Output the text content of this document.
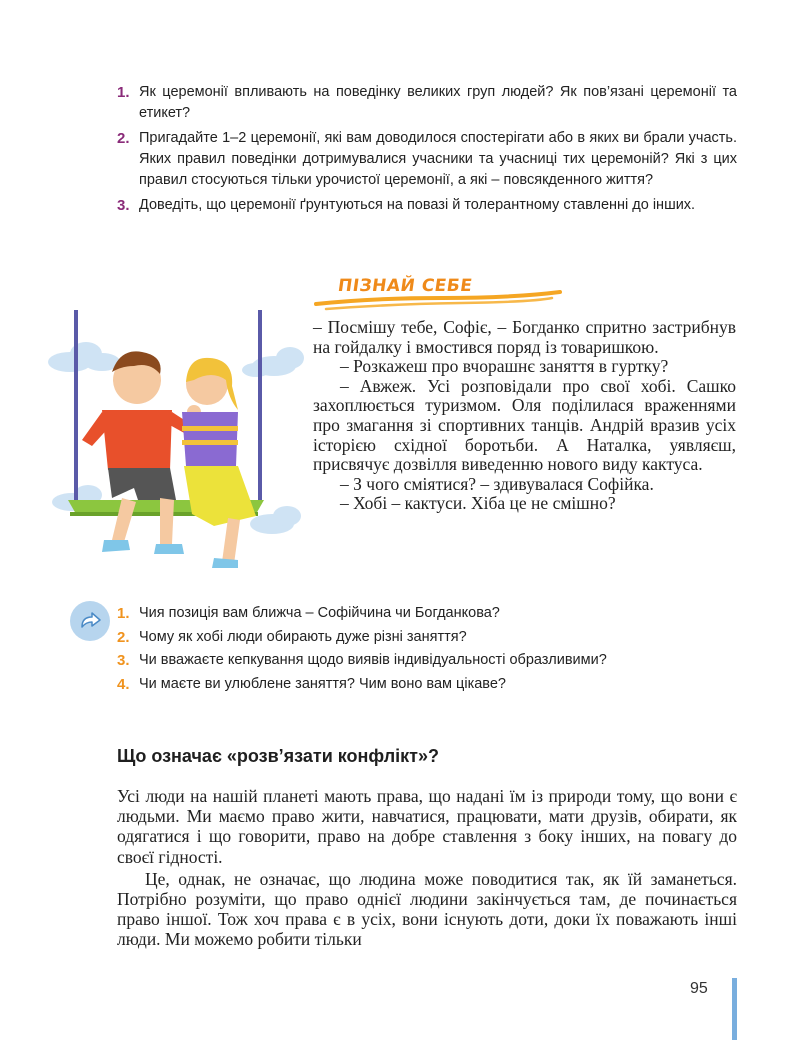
1. Як церемонії впливають на поведінку великих груп людей? Як пов’язані церемонії та етикет?
2. Пригадайте 1–2 церемонії, які вам доводилося спостерігати або в яких ви брали участь. Яких правил поведінки дотримувалися учасники та учасниці тих церемоній? Які з цих правил стосуються тільки урочистої церемонії, а які – повсякденного життя?
3. Доведіть, що церемонії ґрунтуються на повазі й толерантному ставленні до інших.
ПІЗНАЙ СЕБЕ

– Посмішу тебе, Софіє, – Богданко спритно застрибнув на гойдалку і вмостився поряд із товаришкою.

– Розкажеш про вчорашнє заняття в гуртку?

– Авжеж. Усі розповідали про свої хобі. Сашко захоплюється туризмом. Оля поділилася враженнями про змагання зі спортивних танців. Андрій вразив усіх історією східної боротьби. А Наталка, уявляєш, присвячує дозвілля виведенню нового виду кактуса.

– З чого сміятися? – здивувалася Софійка.

– Хобі – кактуси. Хіба це не смішно?

1. Чия позиція вам ближча – Софійчина чи Богданкова?
2. Чому як хобі люди обирають дуже різні заняття?
3. Чи вважаєте кепкування щодо виявів індивідуальності образливими?
4. Чи маєте ви улюблене заняття? Чим воно вам цікаве?
Що означає «розв’язати конфлікт»?

Усі люди на нашій планеті мають права, що надані їм із природи тому, що вони є людьми. Ми маємо право жити, навчатися, працювати, мати друзів, обирати, як одягатися і що говорити, право на добре ставлення з боку інших, на повагу до своєї гідності.

Це, однак, не означає, що людина може поводитися так, як їй заманеться. Потрібно розуміти, що право однієї людини закінчується там, де починається право іншої. Тож хоч права є в усіх, вони існують доти, доки їх поважають інші люди. Ми можемо робити тільки

95
